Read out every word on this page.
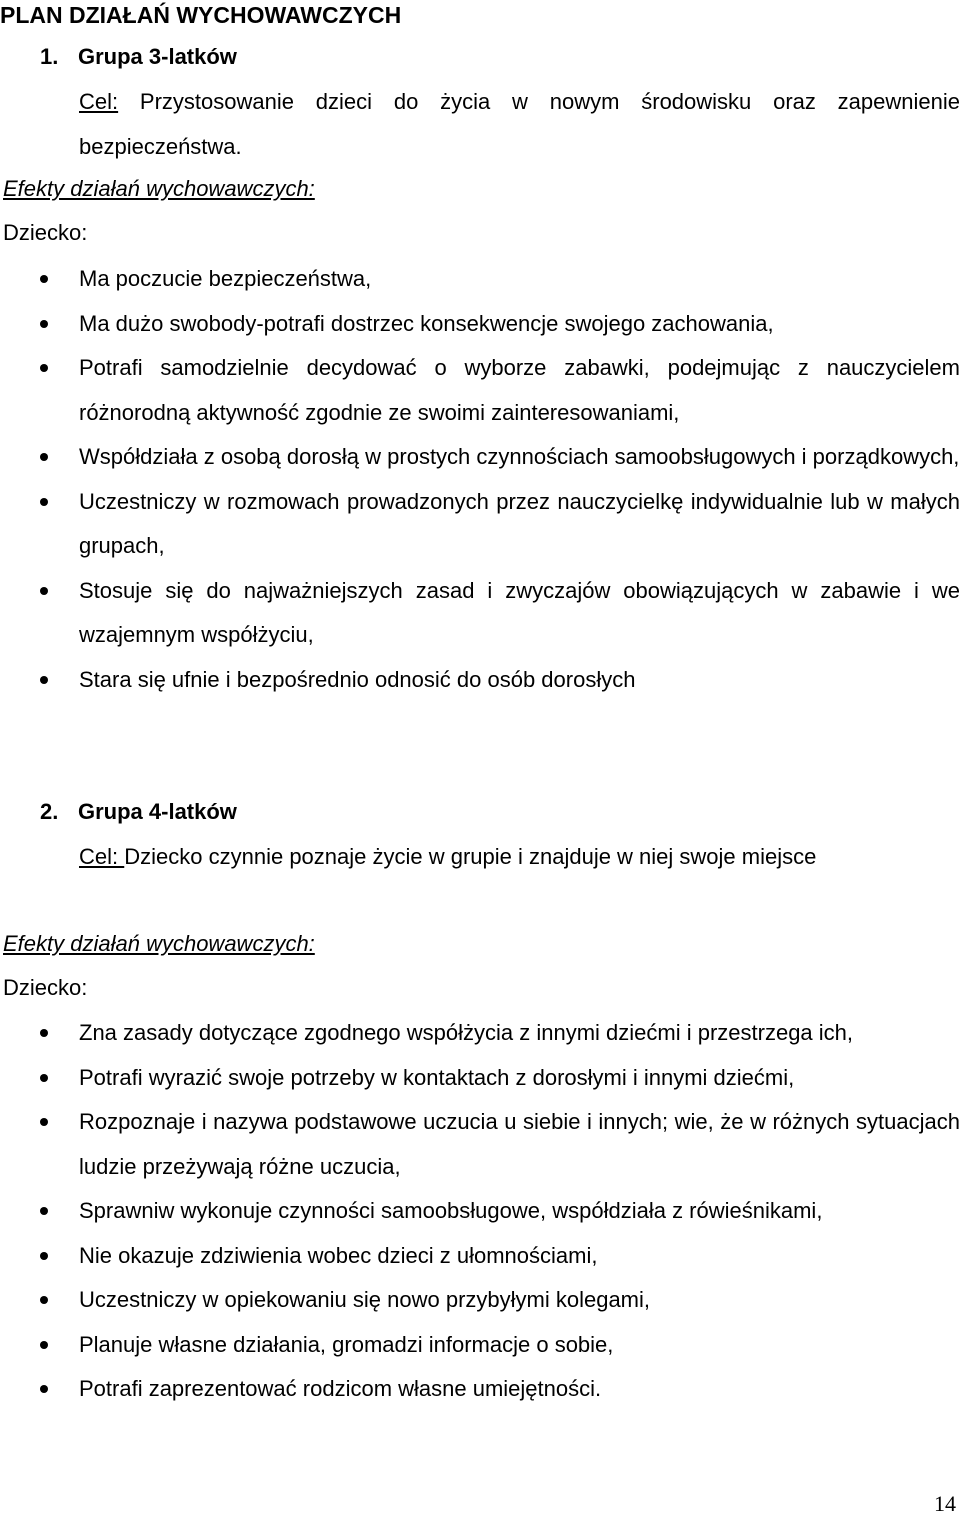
PLAN DZIAŁAŃ WYCHOWAWCZYCH
1. Grupa 3-latków
Cel: Przystosowanie dzieci do życia w nowym środowisku oraz zapewnienie bezpieczeństwa.
Efekty działań wychowawczych:
Dziecko:
Ma poczucie bezpieczeństwa,
Ma dużo swobody-potrafi dostrzec konsekwencje swojego zachowania,
Potrafi samodzielnie decydować o wyborze zabawki, podejmując z nauczycielem różnorodną aktywność zgodnie ze swoimi zainteresowaniami,
Współdziała z osobą dorosłą w prostych czynnościach samoobsługowych i porządkowych,
Uczestniczy w rozmowach prowadzonych przez nauczycielkę indywidualnie lub w małych grupach,
Stosuje się do najważniejszych zasad i zwyczajów obowiązujących w zabawie i we wzajemnym współżyciu,
Stara się ufnie i bezpośrednio odnosić do osób dorosłych
2. Grupa 4-latków
Cel: Dziecko czynnie poznaje życie w grupie i znajduje w niej swoje miejsce
Efekty działań wychowawczych:
Dziecko:
Zna zasady dotyczące zgodnego współżycia z innymi dziećmi i przestrzega ich,
Potrafi wyrazić swoje potrzeby w kontaktach z dorosłymi i innymi dziećmi,
Rozpoznaje i nazywa podstawowe uczucia u siebie i innych; wie, że w różnych sytuacjach ludzie przeżywają różne uczucia,
Sprawniw wykonuje czynności samoobsługowe, współdziała z rówieśnikami,
Nie okazuje zdziwienia wobec dzieci z ułomnościami,
Uczestniczy w opiekowaniu się nowo przybyłymi kolegami,
Planuje własne działania, gromadzi informacje o sobie,
Potrafi zaprezentować rodzicom własne umiejętności.
14
